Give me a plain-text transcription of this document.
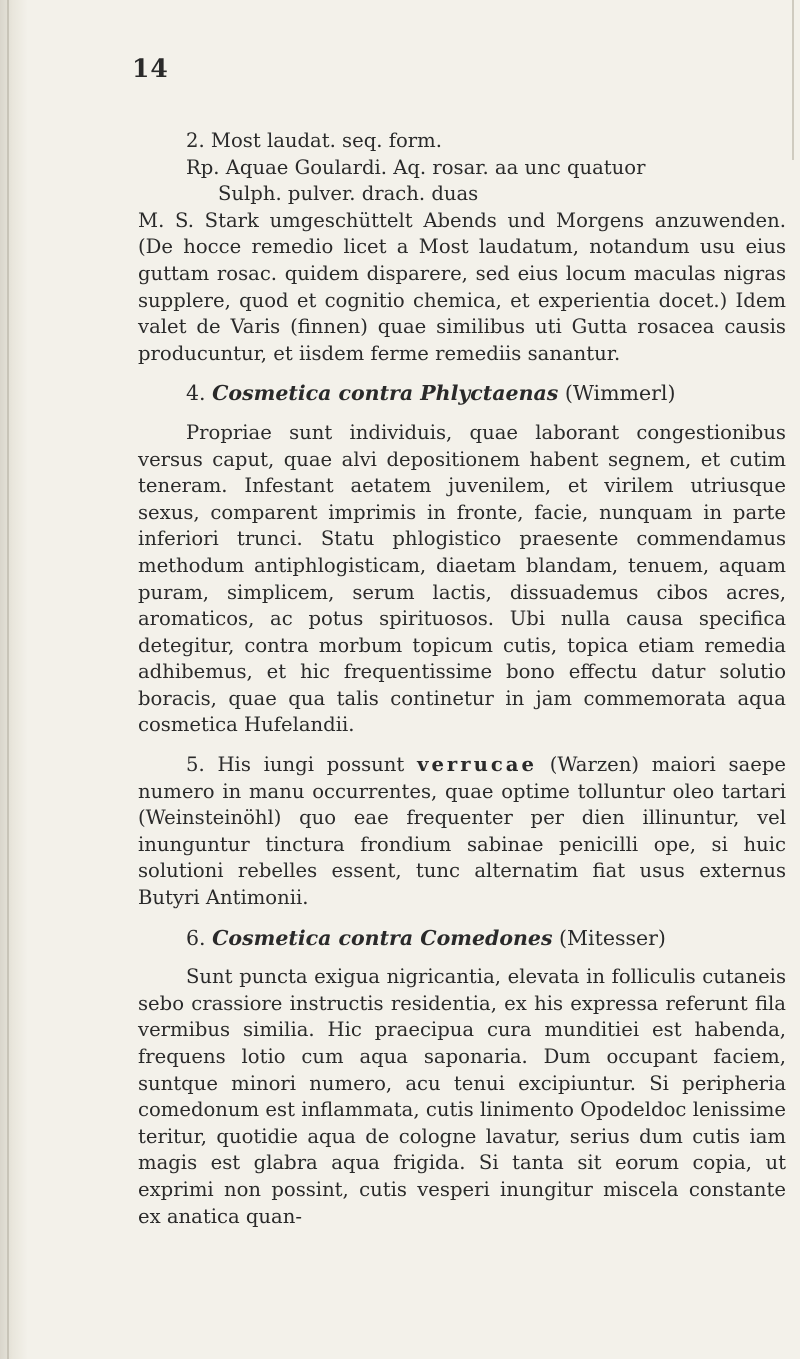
14

2. Most laudat. seq. form.

Rp. Aquae Goulardi. Aq. rosar. aa unc quatuor

Sulph. pulver. drach. duas

M. S. Stark umgeschüttelt Abends und Morgens anzuwenden. (De hocce remedio licet a Most laudatum, notandum usu eius guttam rosac. quidem disparere, sed eius locum maculas nigras supplere, quod et cognitio chemica, et experientia docet.) Idem valet de Varis (finnen) quae similibus uti Gutta rosacea causis producuntur, et iisdem ferme remediis sanantur.

4. Cosmetica contra Phlyctaenas (Wimmerl)

Propriae sunt individuis, quae laborant congestionibus versus caput, quae alvi depositionem habent segnem, et cutim teneram. Infestant aetatem juvenilem, et virilem utriusque sexus, comparent imprimis in fronte, facie, nunquam in parte inferiori trunci. Statu phlogistico praesente commendamus methodum antiphlogisticam, diaetam blandam, tenuem, aquam puram, simplicem, serum lactis, dissuademus cibos acres, aromaticos, ac potus spirituosos. Ubi nulla causa specifica detegitur, contra morbum topicum cutis, topica etiam remedia adhibemus, et hic frequentissime bono effectu datur solutio boracis, quae qua talis continetur in jam commemorata aqua cosmetica Hufelandii.

5. His iungi possunt verrucae (Warzen) maiori saepe numero in manu occurrentes, quae optime tolluntur oleo tartari (Weinsteinöhl) quo eae frequenter per dien illinuntur, vel inunguntur tinctura frondium sabinae penicilli ope, si huic solutioni rebelles essent, tunc alternatim fiat usus externus Butyri Antimonii.

6. Cosmetica contra Comedones (Mitesser)

Sunt puncta exigua nigricantia, elevata in folliculis cutaneis sebo crassiore instructis residentia, ex his expressa referunt fila vermibus similia. Hic praecipua cura munditiei est habenda, frequens lotio cum aqua saponaria. Dum occupant faciem, suntque minori numero, acu tenui excipiuntur. Si peripheria comedonum est inflammata, cutis linimento Opodeldoc lenissime teritur, quotidie aqua de cologne lavatur, serius dum cutis iam magis est glabra aqua frigida. Si tanta sit eorum copia, ut exprimi non possint, cutis vesperi inungitur miscela constante ex anatica quan-
